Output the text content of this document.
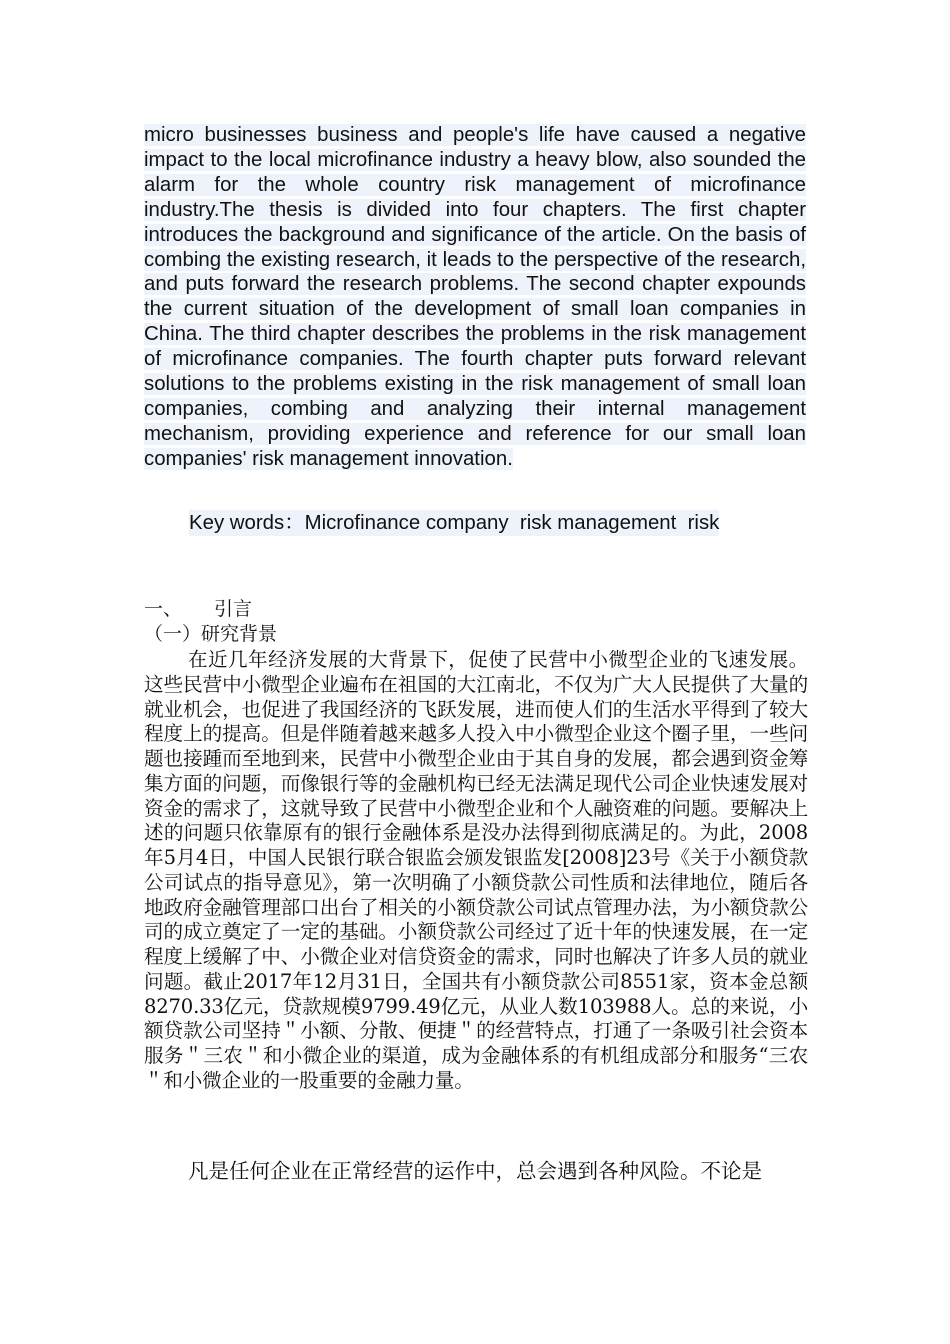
micro businesses business and people's life have caused a negative impact to the local microfinance industry a heavy blow, also sounded the alarm for the whole country risk management of microfinance industry.The thesis is divided into four chapters. The first chapter introduces the background and significance of the article. On the basis of combing the existing research, it leads to the perspective of the research, and puts forward the research problems. The second chapter expounds the current situation of the development of small loan companies in China. The third chapter describes the problems in the risk management of microfinance companies. The fourth chapter puts forward relevant solutions to the problems existing in the risk management of small loan companies, combing and analyzing their internal management mechanism, providing experience and reference for our small loan companies' risk management innovation.

Key words：Microfinance company  risk management  risk

一、 引言

（一）研究背景

在近几年经济发展的大背景下，促使了民营中小微型企业的飞速发展。这些民营中小微型企业遍布在祖国的大江南北，不仅为广大人民提供了大量的就业机会，也促进了我国经济的飞跃发展，进而使人们的生活水平得到了较大程度上的提高。但是伴随着越来越多人投入中小微型企业这个圈子里，一些问题也接踵而至地到来，民营中小微型企业由于其自身的发展，都会遇到资金筹集方面的问题，而像银行等的金融机构已经无法满足现代公司企业快速发展对资金的需求了，这就导致了民营中小微型企业和个人融资难的问题。要解决上述的问题只依靠原有的银行金融体系是没办法得到彻底满足的。为此，2008年5月4日，中国人民银行联合银监会颁发银监发[2008]23号《关于小额贷款公司试点的指导意见》，第一次明确了小额贷款公司性质和法律地位，随后各地政府金融管理部口出台了相关的小额贷款公司试点管理办法，为小额贷款公司的成立奠定了一定的基础。小额贷款公司经过了近十年的快速发展，在一定程度上缓解了中、小微企业对信贷资金的需求，同时也解决了许多人员的就业问题。截止2017年12月31日，全国共有小额贷款公司8551家，资本金总额8270.33亿元，贷款规模9799.49亿元，从业人数103988人。总的来说，小额贷款公司坚持＂小额、分散、便捷＂的经营特点，打通了一条吸引社会资本服务＂三农＂和小微企业的渠道，成为金融体系的有机组成部分和服务“三农＂和小微企业的一股重要的金融力量。

凡是任何企业在正常经营的运作中，总会遇到各种风险。不论是
